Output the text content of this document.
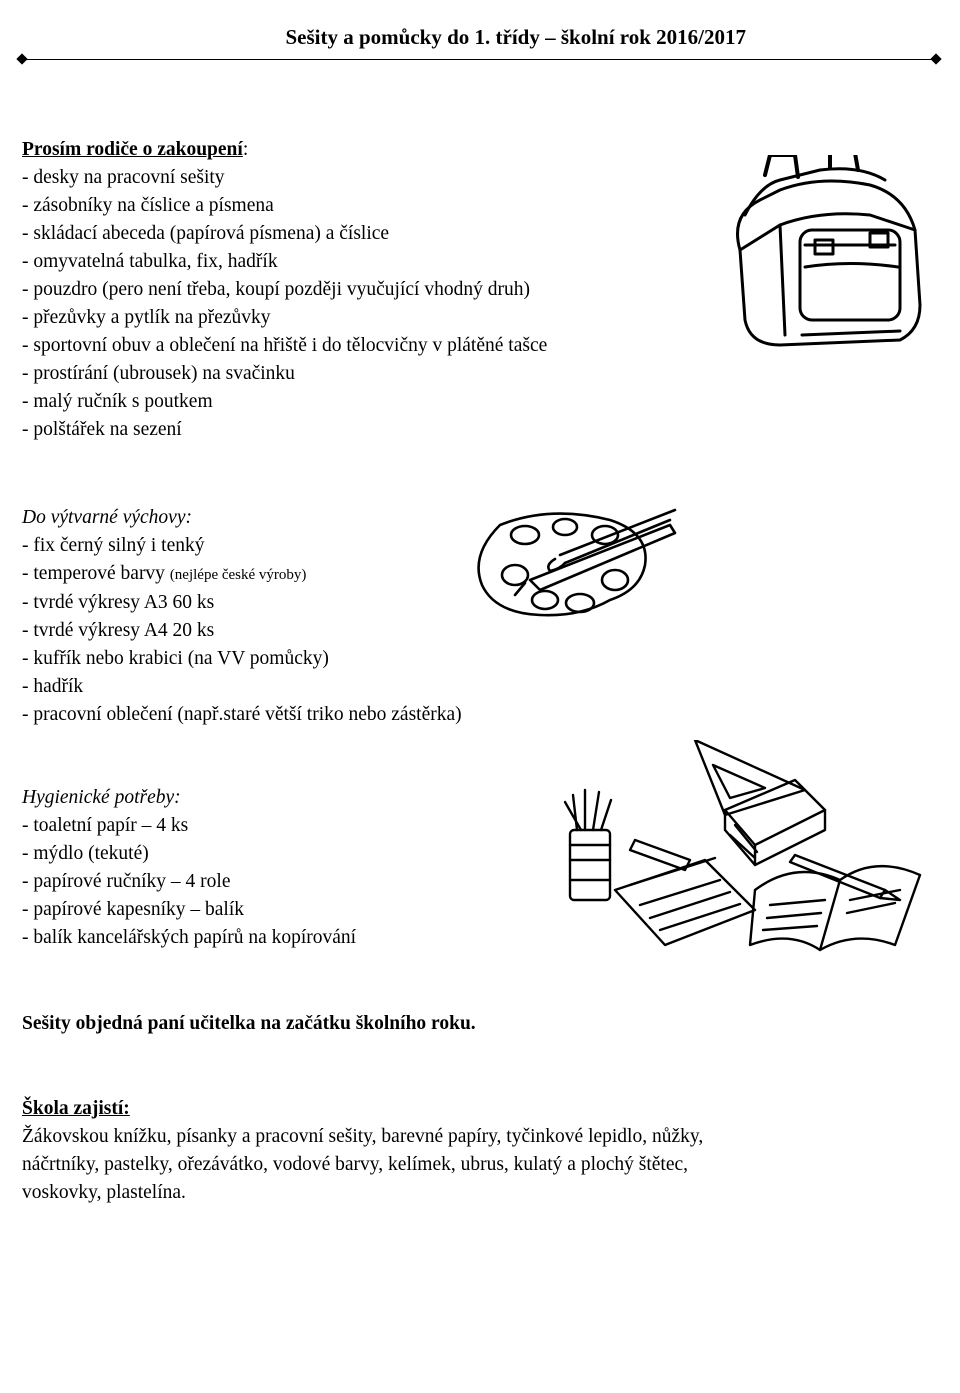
Sešity a pomůcky do 1. třídy – školní rok 2016/2017
Prosím rodiče o zakoupení:
- desky na pracovní sešity
- zásobníky na číslice a písmena
- skládací abeceda (papírová písmena) a číslice
- omyvatelná tabulka, fix, hadřík
- pouzdro (pero není třeba, koupí později vyučující vhodný druh)
- přezůvky a pytlík na přezůvky
- sportovní obuv a oblečení na hřiště i do tělocvičny v plátěné tašce
- prostírání (ubrousek) na svačinku
- malý ručník s poutkem
- polštářek na sezení
Do výtvarné výchovy:
- fix černý silný i tenký
- temperové barvy (nejlépe české výroby)
- tvrdé výkresy A3 60 ks
- tvrdé výkresy A4 20 ks
- kufřík nebo krabici (na VV pomůcky)
- hadřík
- pracovní oblečení (např.staré větší triko nebo zástěrka)
Hygienické potřeby:
- toaletní papír – 4 ks
- mýdlo (tekuté)
- papírové ručníky – 4 role
- papírové kapesníky – balík
- balík kancelářských papírů na kopírování
Sešity objedná paní učitelka na začátku školního roku.
Škola zajistí:
Žákovskou knížku, písanky a pracovní sešity, barevné papíry, tyčinkové lepidlo, nůžky,
náčrtníky, pastelky, ořezávátko, vodové barvy, kelímek, ubrus, kulatý a plochý štětec,
voskovky, plastelína.
